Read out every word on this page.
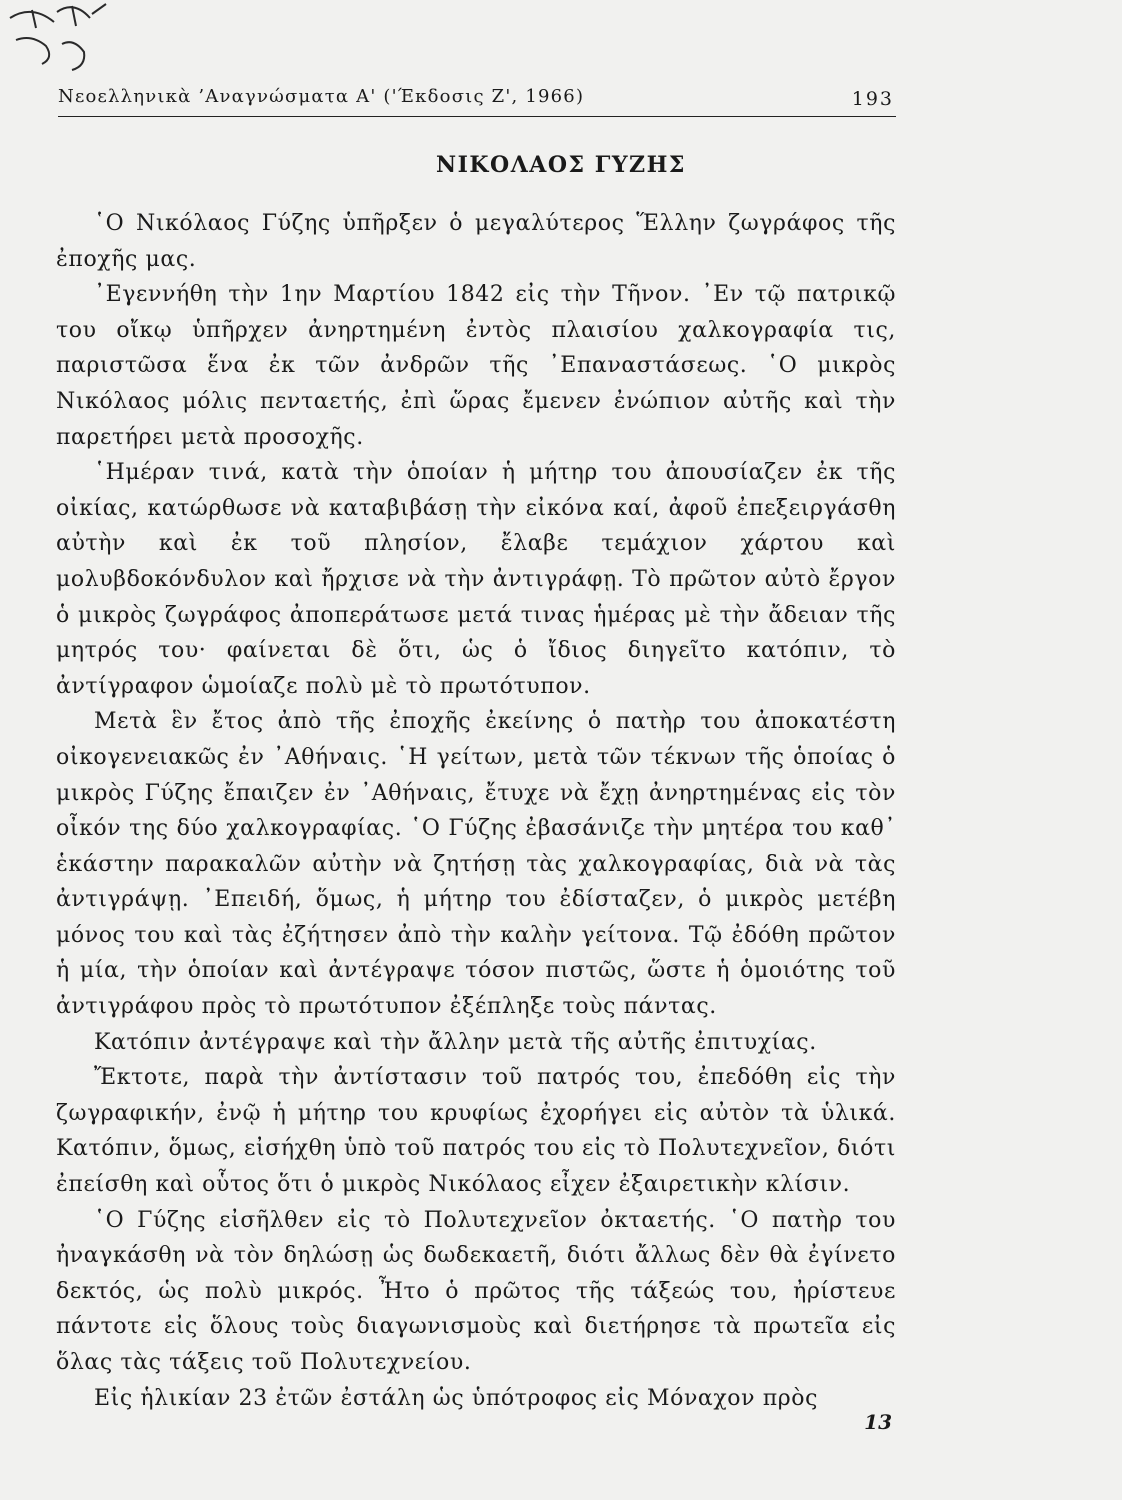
Νεοελληνικὰ ’Αναγνώσματα Α' ('Έκδοσις Ζ', 1966)	193
ΝΙΚΟΛΑΟΣ ΓΥΖΗΣ

῾Ο Νικόλαος Γύζης ὑπῆρξεν ὁ μεγαλύτερος Ἕλλην ζωγράφος τῆς ἐποχῆς μας.

᾿Εγεννήθη τὴν 1ην Μαρτίου 1842 εἰς τὴν Τῆνον. ᾿Εν τῷ πατρικῷ του οἴκῳ ὑπῆρχεν ἀνηρτημένη ἐντὸς πλαισίου χαλκογραφία τις, παριστῶσα ἕνα ἐκ τῶν ἀνδρῶν τῆς ᾿Επαναστάσεως. ῾Ο μικρὸς Νικόλαος μόλις πενταετής, ἐπὶ ὥρας ἔμενεν ἐνώπιον αὐτῆς καὶ τὴν παρετήρει μετὰ προσοχῆς.

῾Ημέραν τινά, κατὰ τὴν ὁποίαν ἡ μήτηρ του ἀπουσίαζεν ἐκ τῆς οἰκίας, κατώρθωσε νὰ καταβιβάσῃ τὴν εἰκόνα καί, ἀφοῦ ἐπεξειργάσθη αὐτὴν καὶ ἐκ τοῦ πλησίον, ἔλαβε τεμάχιον χάρτου καὶ μολυβδοκόνδυλον καὶ ἤρχισε νὰ τὴν ἀντιγράφῃ. Τὸ πρῶτον αὐτὸ ἔργον ὁ μικρὸς ζωγράφος ἀποπεράτωσε μετά τινας ἡμέρας μὲ τὴν ἄδειαν τῆς μητρός του· φαίνεται δὲ ὅτι, ὡς ὁ ἴδιος διηγεῖτο κατόπιν, τὸ ἀντίγραφον ὡμοίαζε πολὺ μὲ τὸ πρωτότυπον.

Μετὰ ἓν ἔτος ἀπὸ τῆς ἐποχῆς ἐκείνης ὁ πατὴρ του ἀποκατέστη οἰκογενειακῶς ἐν ᾿Αθήναις. ῾Η γείτων, μετὰ τῶν τέκνων τῆς ὁποίας ὁ μικρὸς Γύζης ἔπαιζεν ἐν ᾿Αθήναις, ἔτυχε νὰ ἔχῃ ἀνηρτημένας εἰς τὸν οἶκόν της δύο χαλκογραφίας. ῾Ο Γύζης ἐβασάνιζε τὴν μητέρα του καθ᾿ ἑκάστην παρακαλῶν αὐτὴν νὰ ζητήσῃ τὰς χαλκογραφίας, διὰ νὰ τὰς ἀντιγράψῃ. ᾿Επειδή, ὅμως, ἡ μήτηρ του ἐδίσταζεν, ὁ μικρὸς μετέβη μόνος του καὶ τὰς ἐζήτησεν ἀπὸ τὴν καλὴν γείτονα. Τῷ ἐδόθη πρῶτον ἡ μία, τὴν ὁποίαν καὶ ἀντέγραψε τόσον πιστῶς, ὥστε ἡ ὁμοιότης τοῦ ἀντιγράφου πρὸς τὸ πρωτότυπον ἐξέπληξε τοὺς πάντας.

Κατόπιν ἀντέγραψε καὶ τὴν ἄλλην μετὰ τῆς αὐτῆς ἐπιτυχίας.

Ἔκτοτε, παρὰ τὴν ἀντίστασιν τοῦ πατρός του, ἐπεδόθη εἰς τὴν ζωγραφικήν, ἐνῷ ἡ μήτηρ του κρυφίως ἐχορήγει εἰς αὐτὸν τὰ ὑλικά. Κατόπιν, ὅμως, εἰσήχθη ὑπὸ τοῦ πατρός του εἰς τὸ Πολυτεχνεῖον, διότι ἐπείσθη καὶ οὗτος ὅτι ὁ μικρὸς Νικόλαος εἶχεν ἐξαιρετικὴν κλίσιν.

῾Ο Γύζης εἰσῆλθεν εἰς τὸ Πολυτεχνεῖον ὀκταετής. ῾Ο πατὴρ του ἠναγκάσθη νὰ τὸν δηλώσῃ ὡς δωδεκαετῆ, διότι ἄλλως δὲν θὰ ἐγίνετο δεκτός, ὡς πολὺ μικρός. Ἦτο ὁ πρῶτος τῆς τάξεώς του, ἠρίστευε πάντοτε εἰς ὅλους τοὺς διαγωνισμοὺς καὶ διετήρησε τὰ πρωτεῖα εἰς ὅλας τὰς τάξεις τοῦ Πολυτεχνείου.

Εἰς ἡλικίαν 23 ἐτῶν ἐστάλη ὡς ὑπότροφος εἰς Μόναχον πρὸς

13
